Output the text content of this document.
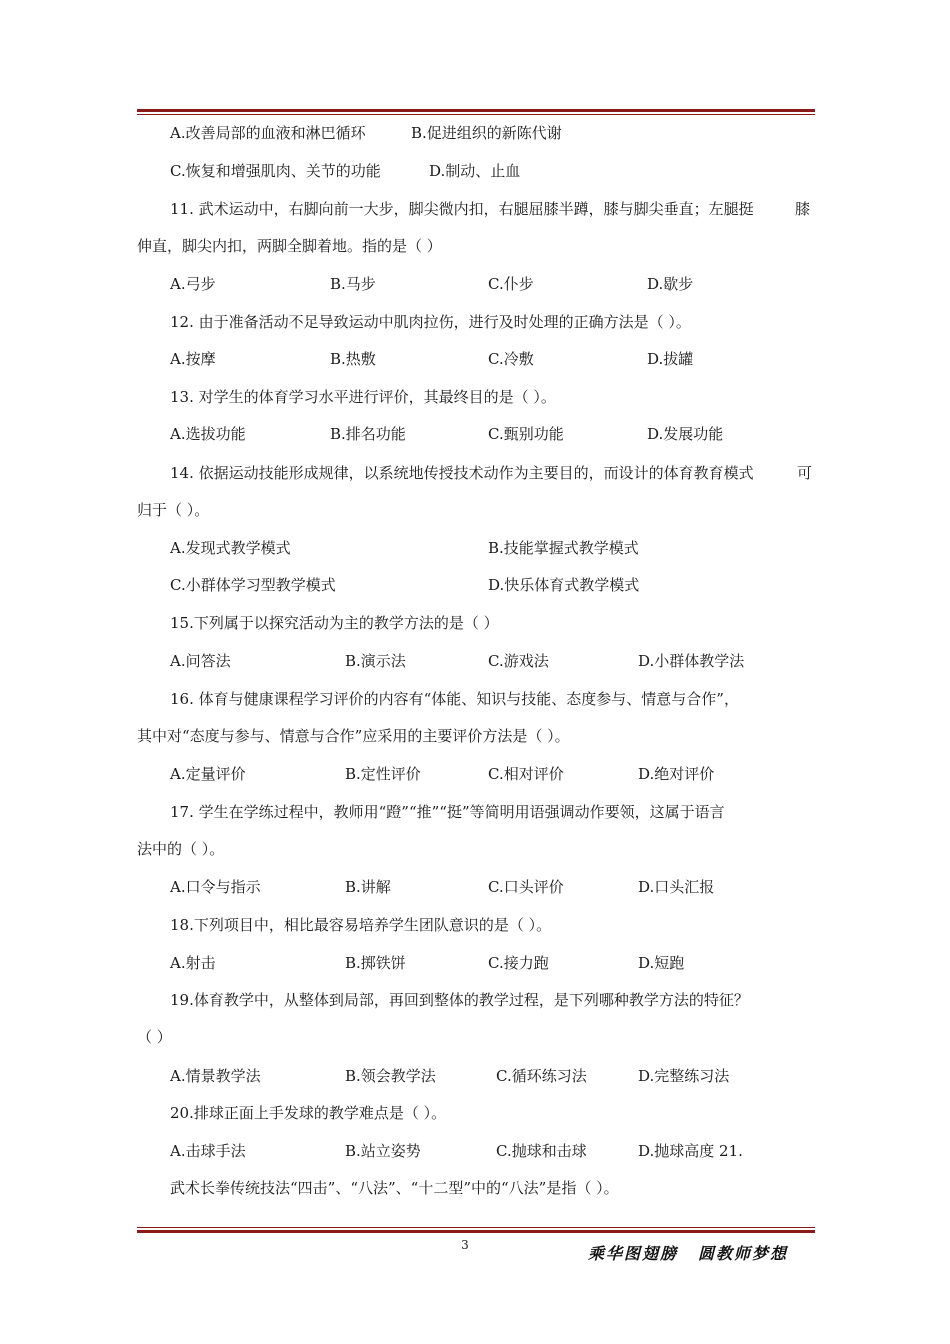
A.改善局部的血液和淋巴循环	B.促进组织的新陈代谢
C.恢复和增强肌肉、关节的功能	D.制动、止血
11. 武术运动中，右脚向前一大步，脚尖微内扣，右腿屈膝半蹲，膝与脚尖垂直；左腿挺	膝
伸直，脚尖内扣，两脚全脚着地。指的是（ ）
A.弓步	B.马步	C.仆步	D.歇步
12. 由于准备活动不足导致运动中肌肉拉伤，进行及时处理的正确方法是（ ）。
A.按摩	B.热敷	C.冷敷	D.拔罐
13. 对学生的体育学习水平进行评价，其最终目的是（ ）。
A.选拔功能	B.排名功能	C.甄别功能	D.发展功能
14. 依据运动技能形成规律，以系统地传授技术动作为主要目的，而设计的体育教育模式	可
归于（ ）。
A.发现式教学模式	B.技能掌握式教学模式
C.小群体学习型教学模式	D.快乐体育式教学模式
15.下列属于以探究活动为主的教学方法的是（ ）
A.问答法	B.演示法	C.游戏法	D.小群体教学法
16. 体育与健康课程学习评价的内容有“体能、知识与技能、态度参与、情意与合作”，
其中对“态度与参与、情意与合作”应采用的主要评价方法是（ ）。
A.定量评价	B.定性评价	C.相对评价	D.绝对评价
17. 学生在学练过程中，教师用“蹬”“推”“挺”等简明用语强调动作要领，这属于语言
法中的（ ）。
A.口令与指示	B.讲解	C.口头评价	D.口头汇报
18.下列项目中，相比最容易培养学生团队意识的是（ ）。
A.射击	B.掷铁饼	C.接力跑	D.短跑
19.体育教学中，从整体到局部，再回到整体的教学过程，是下列哪种教学方法的特征？
（ ）
A.情景教学法	B.领会教学法	C.循环练习法	D.完整练习法
20.排球正面上手发球的教学难点是（ ）。
A.击球手法	B.站立姿势	C.抛球和击球	D.抛球高度 21.
武术长拳传统技法“四击”、“八法”、“十二型”中的“八法”是指（ ）。
3	乘华图翅膀 圆教师梦想
